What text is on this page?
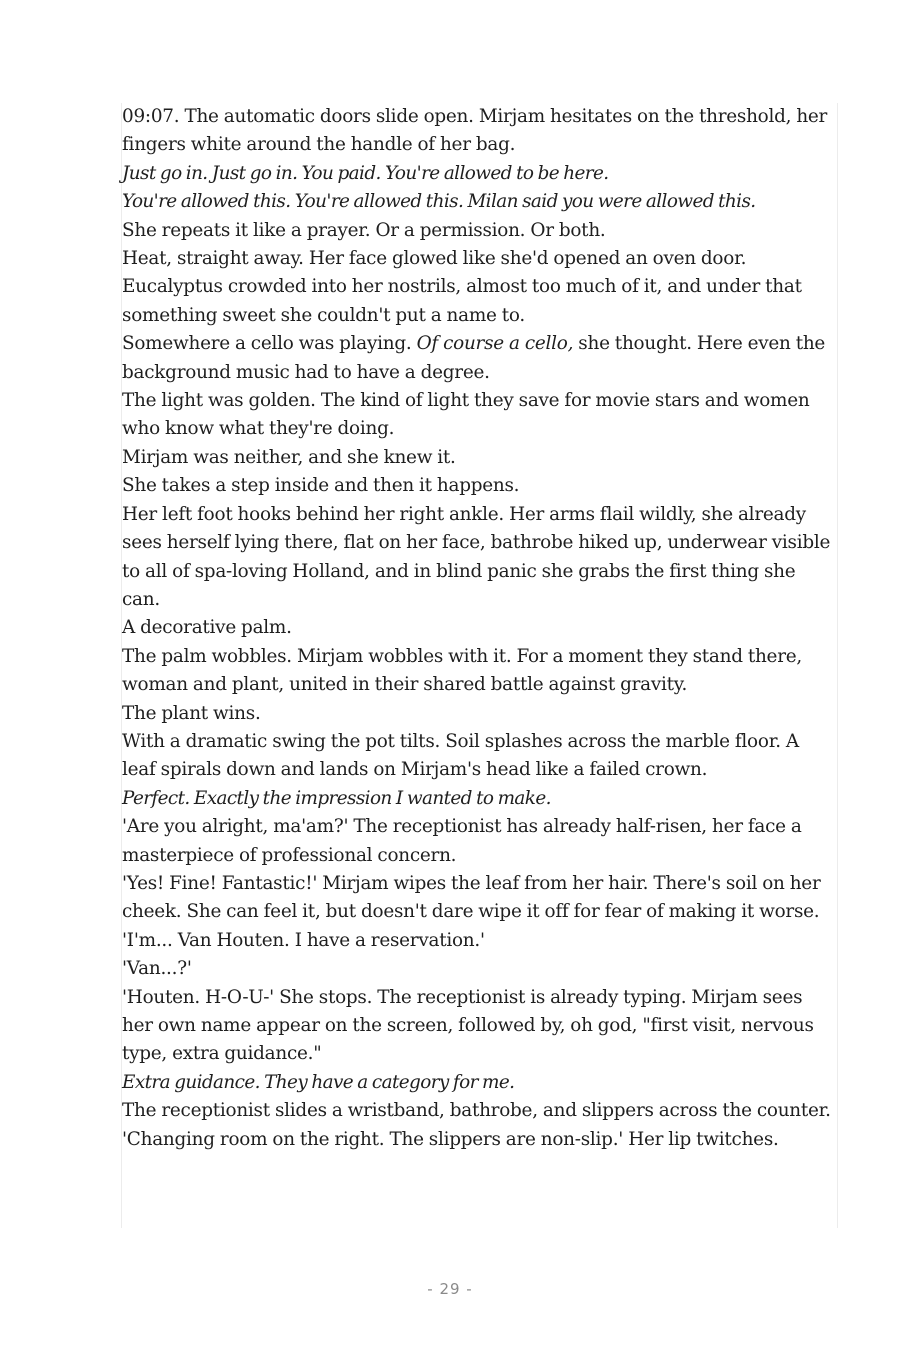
09:07. The automatic doors slide open. Mirjam hesitates on the threshold, her fingers white around the handle of her bag.

Just go in. Just go in. You paid. You're allowed to be here.

You're allowed this. You're allowed this. Milan said you were allowed this.

She repeats it like a prayer. Or a permission. Or both.

Heat, straight away. Her face glowed like she'd opened an oven door. Eucalyptus crowded into her nostrils, almost too much of it, and under that something sweet she couldn't put a name to.

Somewhere a cello was playing. Of course a cello, she thought. Here even the background music had to have a degree.

The light was golden. The kind of light they save for movie stars and women who know what they're doing.

Mirjam was neither, and she knew it.

She takes a step inside and then it happens.

Her left foot hooks behind her right ankle. Her arms flail wildly, she already sees herself lying there, flat on her face, bathrobe hiked up, underwear visible to all of spa-loving Holland, and in blind panic she grabs the first thing she can.

A decorative palm.

The palm wobbles. Mirjam wobbles with it. For a moment they stand there, woman and plant, united in their shared battle against gravity.

The plant wins.

With a dramatic swing the pot tilts. Soil splashes across the marble floor. A leaf spirals down and lands on Mirjam's head like a failed crown.

Perfect. Exactly the impression I wanted to make.

'Are you alright, ma'am?' The receptionist has already half-risen, her face a masterpiece of professional concern.

'Yes! Fine! Fantastic!' Mirjam wipes the leaf from her hair. There's soil on her cheek. She can feel it, but doesn't dare wipe it off for fear of making it worse. 'I'm... Van Houten. I have a reservation.'

'Van...?'

'Houten. H-O-U-' She stops. The receptionist is already typing. Mirjam sees her own name appear on the screen, followed by, oh god, "first visit, nervous type, extra guidance."

Extra guidance. They have a category for me.

The receptionist slides a wristband, bathrobe, and slippers across the counter. 'Changing room on the right. The slippers are non-slip.' Her lip twitches.

- 29 -
